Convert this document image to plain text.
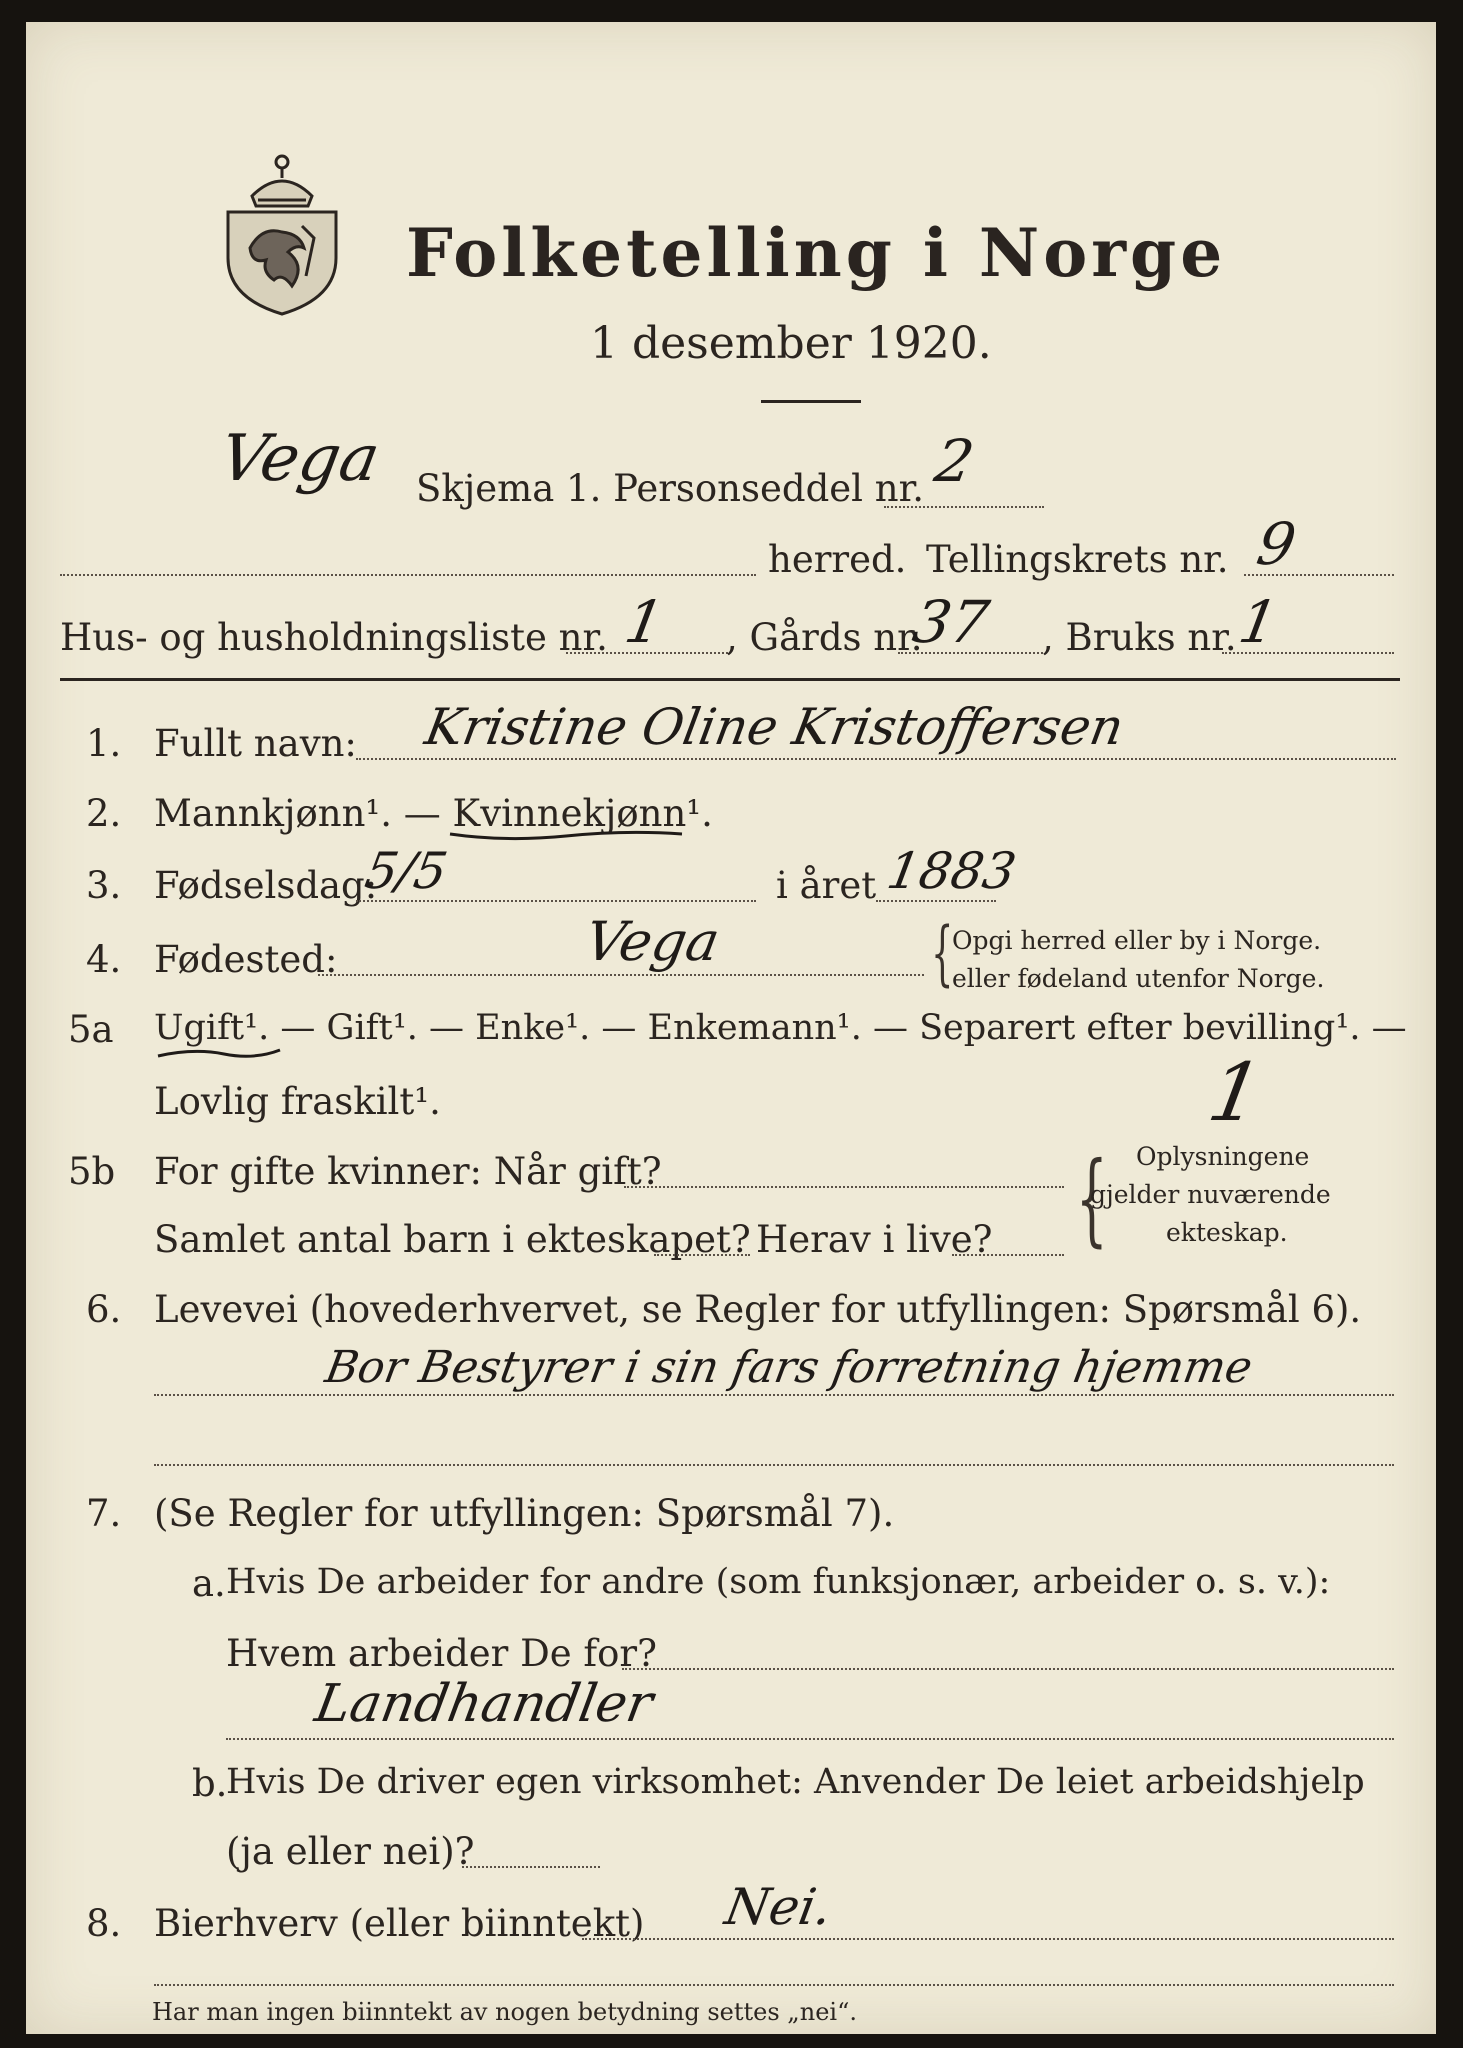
Folketelling i Norge
1 desember 1920.
Vega Skjema 1. Personseddel nr. 2
herred. Tellingskrets nr. 9
Hus- og husholdningsliste nr. 1 , Gårds nr.
37 , Bruks nr.
1
1. Fullt navn: Kristine Oline Kristoffersen
2. Mannkjønn¹. — Kvinnekjønn¹.
3. Fødselsdag:
5/5	i året 1883
4. Fødested:	Vega	{
Opgi herred eller by i Norge.
eller fødeland utenfor Norge.
5a Ugift¹. — Gift¹. — Enke¹. — Enkemann¹. — Separert efter bevilling¹. —
Lovlig fraskilt¹.	1
5b For gifte kvinner: Når gift?
Samlet antal barn i ekteskapet? Herav i live? { Oplysningene
gjelder nuværende
ekteskap.
6. Levevei (hovederhvervet, se Regler for utfyllingen: Spørsmål 6).
Bor Bestyrer i sin fars forretning hjemme
7. (Se Regler for utfyllingen: Spørsmål 7).
a. Hvis De arbeider for andre (som funksjonær, arbeider o. s. v.):
Hvem arbeider De for?
Landhandler
b.
Hvis De driver egen virksomhet: Anvender De leiet arbeidshjelp
(ja eller nei)?
8. Bierhverv (eller biinntekt) Nei.
Har man ingen biinntekt av nogen betydning settes „nei“.
